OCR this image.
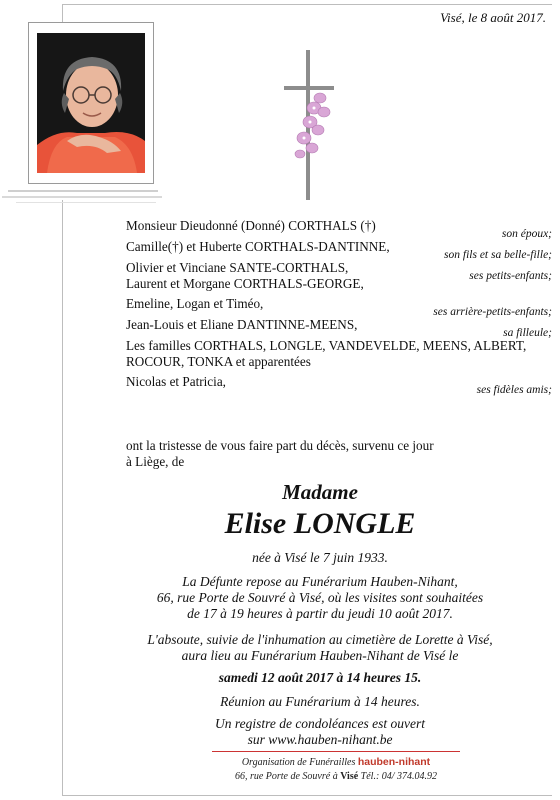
Visé, le 8 août 2017.
Monsieur Dieudonné (Donné) CORTHALS (†)
son époux;
Camille(†) et Huberte CORTHALS-DANTINNE,
son fils et sa belle-fille;
Olivier et Vinciane SANTE-CORTHALS,
Laurent et Morgane CORTHALS-GEORGE,	ses petits-enfants;
Emeline, Logan et Timéo,
ses arrière-petits-enfants;
Jean-Louis et Eliane DANTINNE-MEENS,
sa filleule;
Les familles CORTHALS, LONGLE, VANDEVELDE, MEENS, ALBERT,
ROCOUR, TONKA et apparentées
Nicolas et Patricia,
ses fidèles amis;
ont la tristesse de vous faire part du décès, survenu ce jour
à Liège, de
Madame
Elise LONGLE
née à Visé le 7 juin 1933.
La Défunte repose au Funérarium Hauben-Nihant,
66, rue Porte de Souvré à Visé, où les visites sont souhaitées
de 17 à 19 heures à partir du jeudi 10 août 2017.
L'absoute, suivie de l'inhumation au cimetière de Lorette à Visé,
aura lieu au Funérarium Hauben-Nihant de Visé le
samedi 12 août 2017 à 14 heures 15.
Réunion au Funérarium à 14 heures.
Un registre de condoléances est ouvert
sur www.hauben-nihant.be
Organisation de Funérailles hauben-nihant
66, rue Porte de Souvré à Visé Tél.: 04/ 374.04.92
